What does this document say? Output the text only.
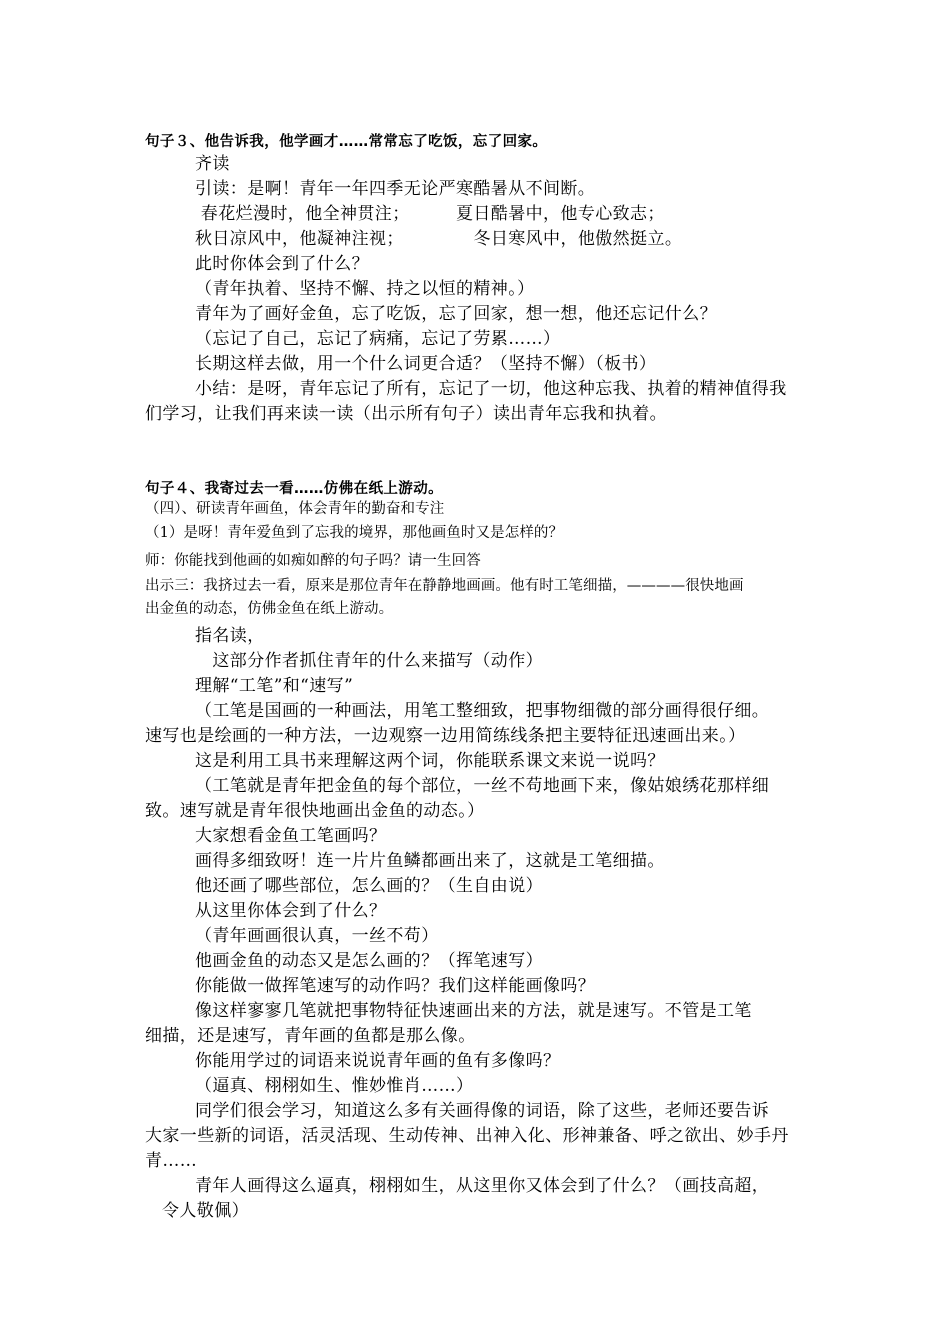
句子３、他告诉我，他学画才……常常忘了吃饭，忘了回家。
齐读
引读：是啊！青年一年四季无论严寒酷暑从不间断。
春花烂漫时，他全神贯注；        夏日酷暑中，他专心致志；
秋日凉风中，他凝神注视；            冬日寒风中，他傲然挺立。
此时你体会到了什么？
（青年执着、坚持不懈、持之以恒的精神。）
青年为了画好金鱼，忘了吃饭，忘了回家，想一想，他还忘记什么？
（忘记了自己，忘记了病痛，忘记了劳累……）
长期这样去做，用一个什么词更合适？（坚持不懈）（板书）
小结：是呀，青年忘记了所有，忘记了一切，他这种忘我、执着的精神值得我
们学习，让我们再来读一读（出示所有句子）读出青年忘我和执着。
句子４、我寄过去一看……仿佛在纸上游动。
（四）、研读青年画鱼，体会青年的勤奋和专注
（1）是呀！青年爱鱼到了忘我的境界，那他画鱼时又是怎样的？
师：你能找到他画的如痴如醉的句子吗？请一生回答
出示三：我挤过去一看，原来是那位青年在静静地画画。他有时工笔细描，————很快地画
出金鱼的动态，仿佛金鱼在纸上游动。
指名读，
这部分作者抓住青年的什么来描写（动作）
理解“工笔”和“速写”
（工笔是国画的一种画法，用笔工整细致，把事物细微的部分画得很仔细。
速写也是绘画的一种方法，一边观察一边用简练线条把主要特征迅速画出来。）
这是利用工具书来理解这两个词，你能联系课文来说一说吗？
（工笔就是青年把金鱼的每个部位，一丝不苟地画下来，像姑娘绣花那样细
致。速写就是青年很快地画出金鱼的动态。）
大家想看金鱼工笔画吗？
画得多细致呀！连一片片鱼鳞都画出来了，这就是工笔细描。
他还画了哪些部位，怎么画的？（生自由说）
从这里你体会到了什么？
（青年画画很认真，一丝不苟）
他画金鱼的动态又是怎么画的？（挥笔速写）
你能做一做挥笔速写的动作吗？我们这样能画像吗？
像这样寥寥几笔就把事物特征快速画出来的方法，就是速写。不管是工笔
细描，还是速写，青年画的鱼都是那么像。
你能用学过的词语来说说青年画的鱼有多像吗？
（逼真、栩栩如生、惟妙惟肖……）
同学们很会学习，知道这么多有关画得像的词语，除了这些，老师还要告诉
大家一些新的词语，活灵活现、生动传神、出神入化、形神兼备、呼之欲出、妙手丹
青……
青年人画得这么逼真，栩栩如生，从这里你又体会到了什么？（画技高超，
令人敬佩）
